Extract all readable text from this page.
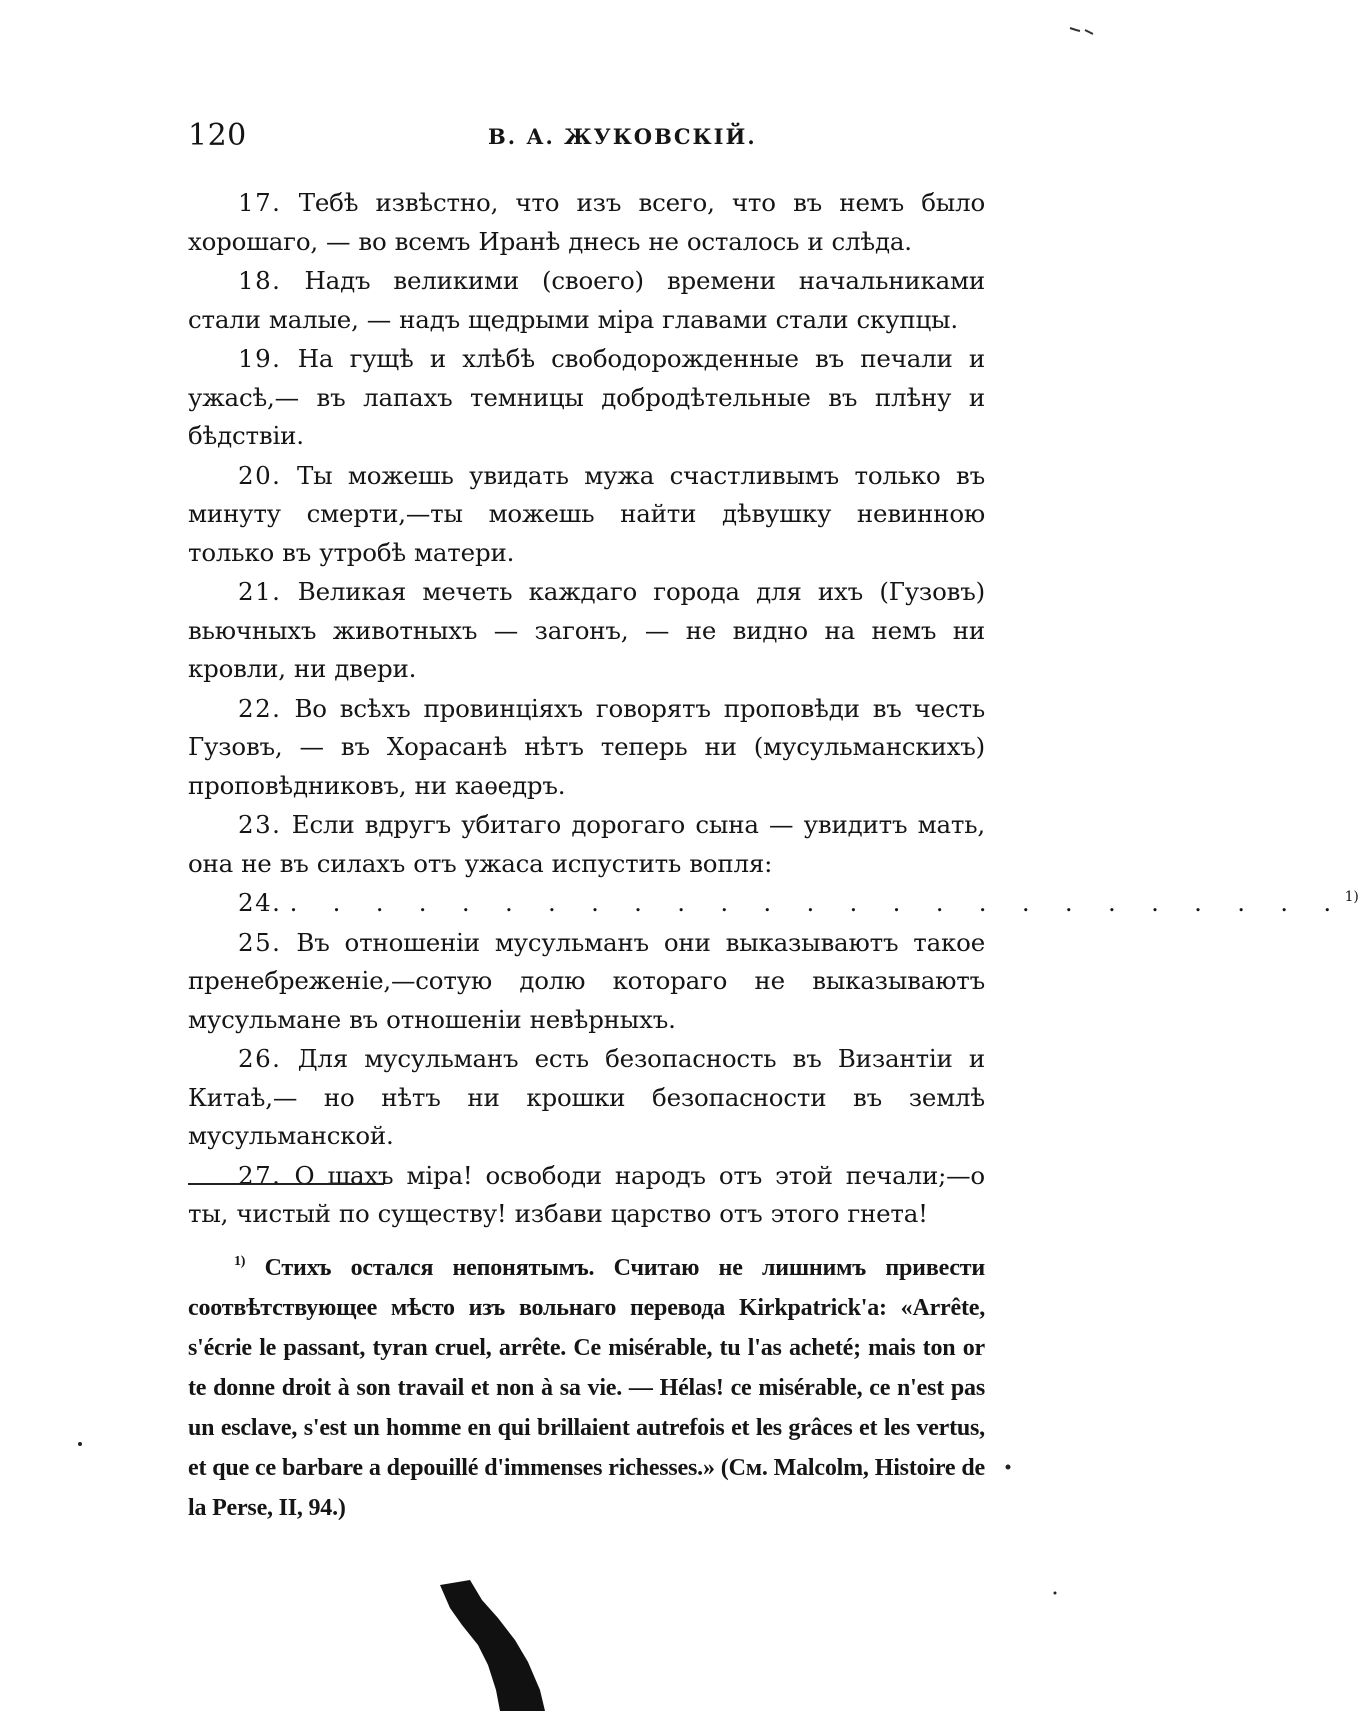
120	В. А. ЖУКОВСКІЙ.

17. Тебѣ извѣстно, что изъ всего, что въ немъ было хорошаго, — во всемъ Иранѣ днесь не осталось и слѣда.

18. Надъ великими (своего) времени начальниками стали малые, — надъ щедрыми міра главами стали скупцы.

19. На гущѣ и хлѣбѣ свободорожденные въ печали и ужасѣ,— въ лапахъ темницы добродѣтельные въ плѣну и бѣдствіи.

20. Ты можешь увидать мужа счастливымъ только въ минуту смерти,—ты можешь найти дѣвушку невинною только въ утробѣ матери.

21. Великая мечеть каждаго города для ихъ (Гузовъ) вьючныхъ животныхъ — загонъ, — не видно на немъ ни кровли, ни двери.

22. Во всѣхъ провинціяхъ говорятъ проповѣди въ честь Гузовъ, — въ Хорасанѣ нѣтъ теперь ни (мусульманскихъ) проповѣдниковъ, ни каѳедръ.

23. Если вдругъ убитаго дорогаго сына — увидитъ мать, она не въ силахъ отъ ужаса испустить вопля:

24. . . . . . . . . . . . . . . . . . . . . . . . . .$^{1)}$

25. Въ отношеніи мусульманъ они выказываютъ такое пренебреженіе,—сотую долю котораго не выказываютъ мусульмане въ отношеніи невѣрныхъ.

26. Для мусульманъ есть безопасность въ Византіи и Китаѣ,— но нѣтъ ни крошки безопасности въ землѣ мусульманской.

27. О шахъ міра! освободи народъ отъ этой печали;—о ты, чистый по существу! избави царство отъ этого гнета!

$^{1)}$ Стихъ остался непонятымъ. Считаю не лишнимъ привести соотвѣтствующее мѣсто изъ вольнаго перевода Kirkpatrick'а: «Arrête, s'écrie le passant, tyran cruel, arrête. Ce misérable, tu l'as acheté; mais ton or te donne droit à son travail et non à sa vie. — Hélas! ce misérable, ce n'est pas un esclave, s'est un homme en qui brillaient autrefois et les grâces et les vertus, et que ce barbare a depouillé d'immenses richesses.» (См. Malcolm, Histoire de la Perse, II, 94.)
